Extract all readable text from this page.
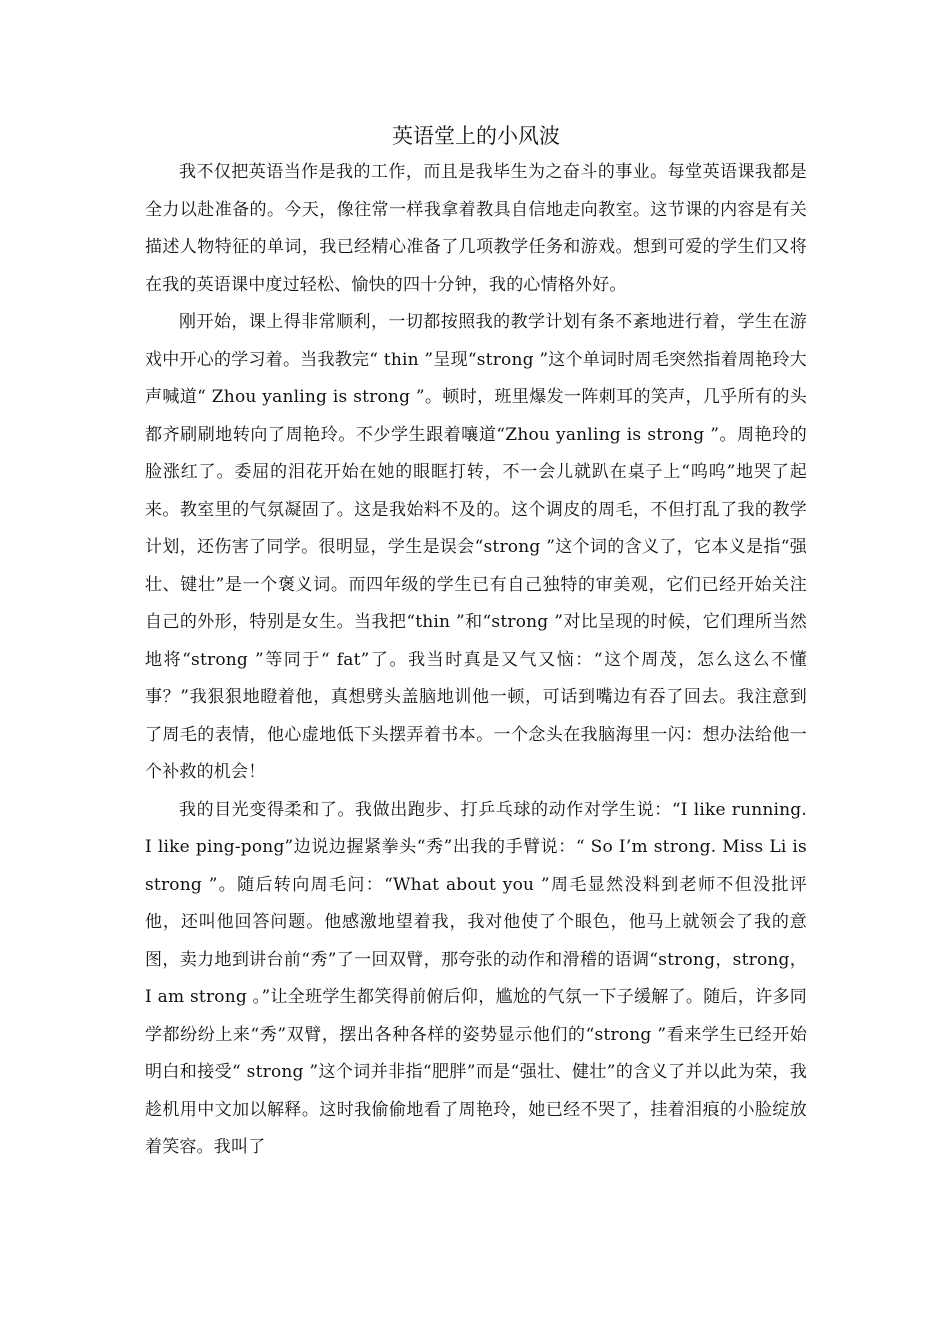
英语堂上的小风波

我不仅把英语当作是我的工作，而且是我毕生为之奋斗的事业。每堂英语课我都是全力以赴准备的。今天，像往常一样我拿着教具自信地走向教室。这节课的内容是有关描述人物特征的单词，我已经精心准备了几项教学任务和游戏。想到可爱的学生们又将在我的英语课中度过轻松、愉快的四十分钟，我的心情格外好。

刚开始，课上得非常顺利，一切都按照我的教学计划有条不紊地进行着，学生在游戏中开心的学习着。当我教完“ thin ”呈现“strong ”这个单词时周毛突然指着周艳玲大声喊道“ Zhou yanling is strong ”。顿时，班里爆发一阵刺耳的笑声，几乎所有的头都齐刷刷地转向了周艳玲。不少学生跟着嚷道“Zhou yanling is strong ”。周艳玲的脸涨红了。委屈的泪花开始在她的眼眶打转，不一会儿就趴在桌子上“呜呜”地哭了起来。教室里的气氛凝固了。这是我始料不及的。这个调皮的周毛，不但打乱了我的教学计划，还伤害了同学。很明显，学生是误会“strong ”这个词的含义了，它本义是指“强壮、键壮”是一个褒义词。而四年级的学生已有自己独特的审美观，它们已经开始关注自己的外形，特别是女生。当我把“thin ”和“strong ”对比呈现的时候，它们理所当然地将“strong ”等同于“ fat”了。我当时真是又气又恼：“这个周茂，怎么这么不懂事？”我狠狠地瞪着他，真想劈头盖脑地训他一顿，可话到嘴边有吞了回去。我注意到了周毛的表情，他心虚地低下头摆弄着书本。一个念头在我脑海里一闪：想办法给他一个补救的机会！

我的目光变得柔和了。我做出跑步、打乒乓球的动作对学生说：“I like running. I like ping-pong”边说边握紧拳头“秀”出我的手臂说：“ So I’m strong. Miss Li is strong ”。随后转向周毛问：“What about you ”周毛显然没料到老师不但没批评他，还叫他回答问题。他感激地望着我，我对他使了个眼色，他马上就领会了我的意图，卖力地到讲台前“秀”了一回双臂，那夸张的动作和滑稽的语调“strong，strong，I am strong 。”让全班学生都笑得前俯后仰，尴尬的气氛一下子缓解了。随后，许多同学都纷纷上来“秀”双臂，摆出各种各样的姿势显示他们的“strong ”看来学生已经开始明白和接受“ strong ”这个词并非指“肥胖”而是“强壮、健壮”的含义了并以此为荣，我趁机用中文加以解释。这时我偷偷地看了周艳玲，她已经不哭了，挂着泪痕的小脸绽放着笑容。我叫了
